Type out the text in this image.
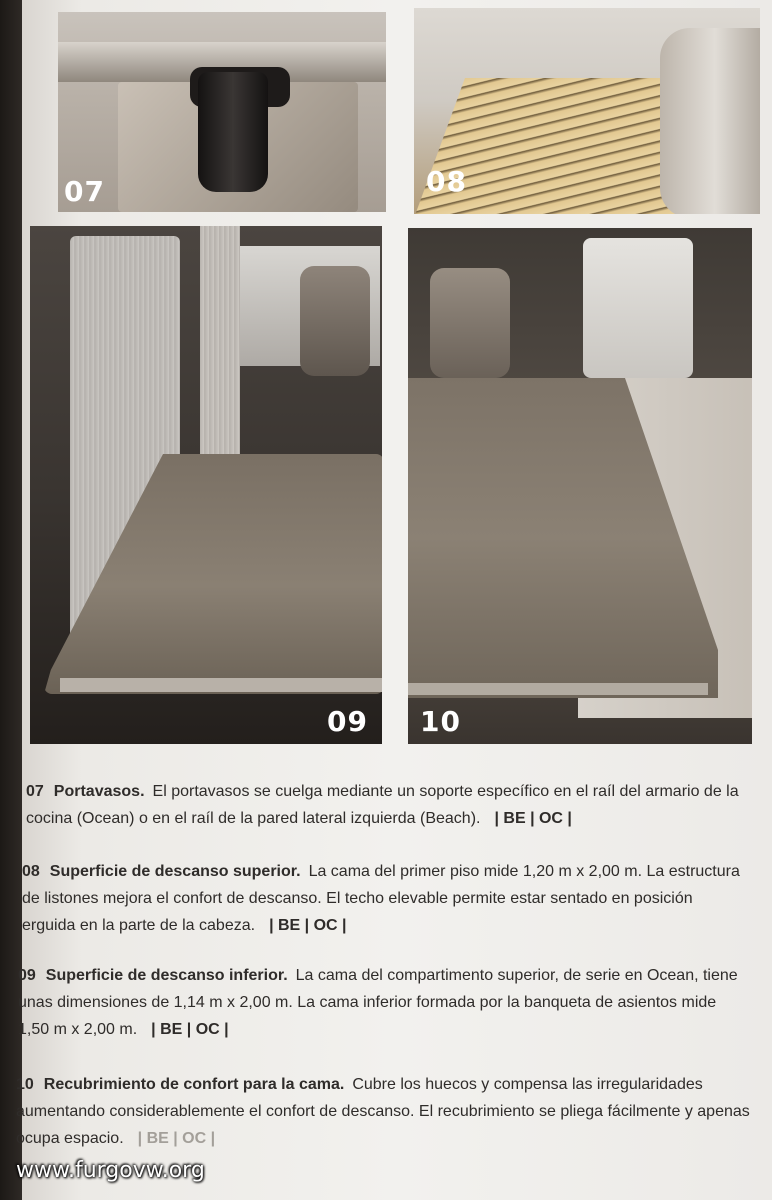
07	08
09 10
07 Portavasos. El portavasos se cuelga mediante un soporte específico en el raíl del armario de la cocina (Ocean) o en el raíl de la pared lateral izquierda (Beach). | BE | OC |
08 Superficie de descanso superior. La cama del primer piso mide 1,20 m x 2,00 m. La estructura de listones mejora el confort de descanso. El techo elevable permite estar sentado en posición erguida en la parte de la cabeza. | BE | OC |
09 Superficie de descanso inferior. La cama del compartimento superior, de serie en Ocean, tiene unas dimensiones de 1,14 m x 2,00 m. La cama inferior formada por la banqueta de asientos mide 1,50 m x 2,00 m. | BE | OC |
10 Recubrimiento de confort para la cama. Cubre los huecos y compensa las irregularidades aumentando considerablemente el confort de descanso. El recubrimiento se pliega fácilmente y apenas ocupa espacio. | BE | OC |
www.furgovw.org
